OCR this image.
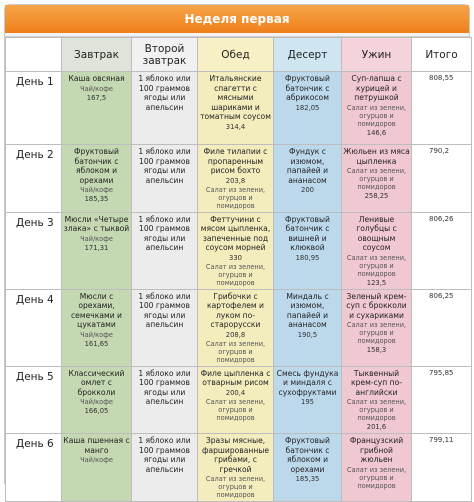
Неделя первая
	Завтрак	Второй завтрак	Обед	Десерт	Ужин	Итого
День 1	Каша овсяная
Чай/кофе
167,5	1 яблоко или 100 граммов ягоды или апельсин	Итальянские спагетти с мясными шариками и томатным соусом
314,4	Фруктовый батончик с абрикосом
182,05	Суп-лапша с курицей и петрушкой
Салат из зелени, огурцов и помидоров
146,6	808,55

День 2	Фруктовый батончик с яблоком и орехами
Чай/кофе
185,35	1 яблоко или 100 граммов ягоды или апельсин	Филе тилапии с пропаренным рисом бохто
203,8
Салат из зелени, огурцов и помидоров	Фундук с изюмом, папайей и ананасом
200	Жюльен из мяса цыпленка
Салат из зелени, огурцов и помидоров
258,25	790,2

День 3	Мюсли «Четыре злака» с тыквой
Чай/кофе
171,31	1 яблоко или 100 граммов ягоды или апельсин	Феттучини с мясом цыпленка, запеченные под соусом морней
330
Салат из зелени, огурцов и помидоров	Фруктовый батончик с вишней и клюквой
180,95	Ленивые голубцы с овощным соусом
Салат из зелени, огурцов и помидоров
123,5	806,26

День 4	Мюсли с орехами, семечками и цукатами
Чай/кофе
161,65	1 яблоко или 100 граммов ягоды или апельсин	Грибочки с картофелем и луком по-староруcски
208,8
Салат из зелени, огурцов и помидоров	Миндаль с изюмом, папайей и ананасом
190,5	Зеленый крем-суп с брокколи и сухариками
Салат из зелени, огурцов и помидоров
158,3	806,25

День 5	Классический омлет с брокколи
Чай/кофе
166,05	1 яблоко или 100 граммов ягоды или апельсин	Филе цыпленка с отварным рисом
200,4
Салат из зелени, огурцов и помидоров	Смесь фундука и миндаля с сухофруктами
195	Тыквенный крем-суп по-английски
Салат из зелени, огурцов и помидоров
201,6	795,85

День 6	Каша пшенная с манго
Чай/кофе	1 яблоко или 100 граммов ягоды или апельсин	Зразы мясные, фаршированные грибами, с гречкой
Салат из зелени, огурцов и помидоров	Фруктовый батончик с яблоком и орехами
185,35	Французский грибной жюльен
Салат из зелени, огурцов и помидоров	799,11
